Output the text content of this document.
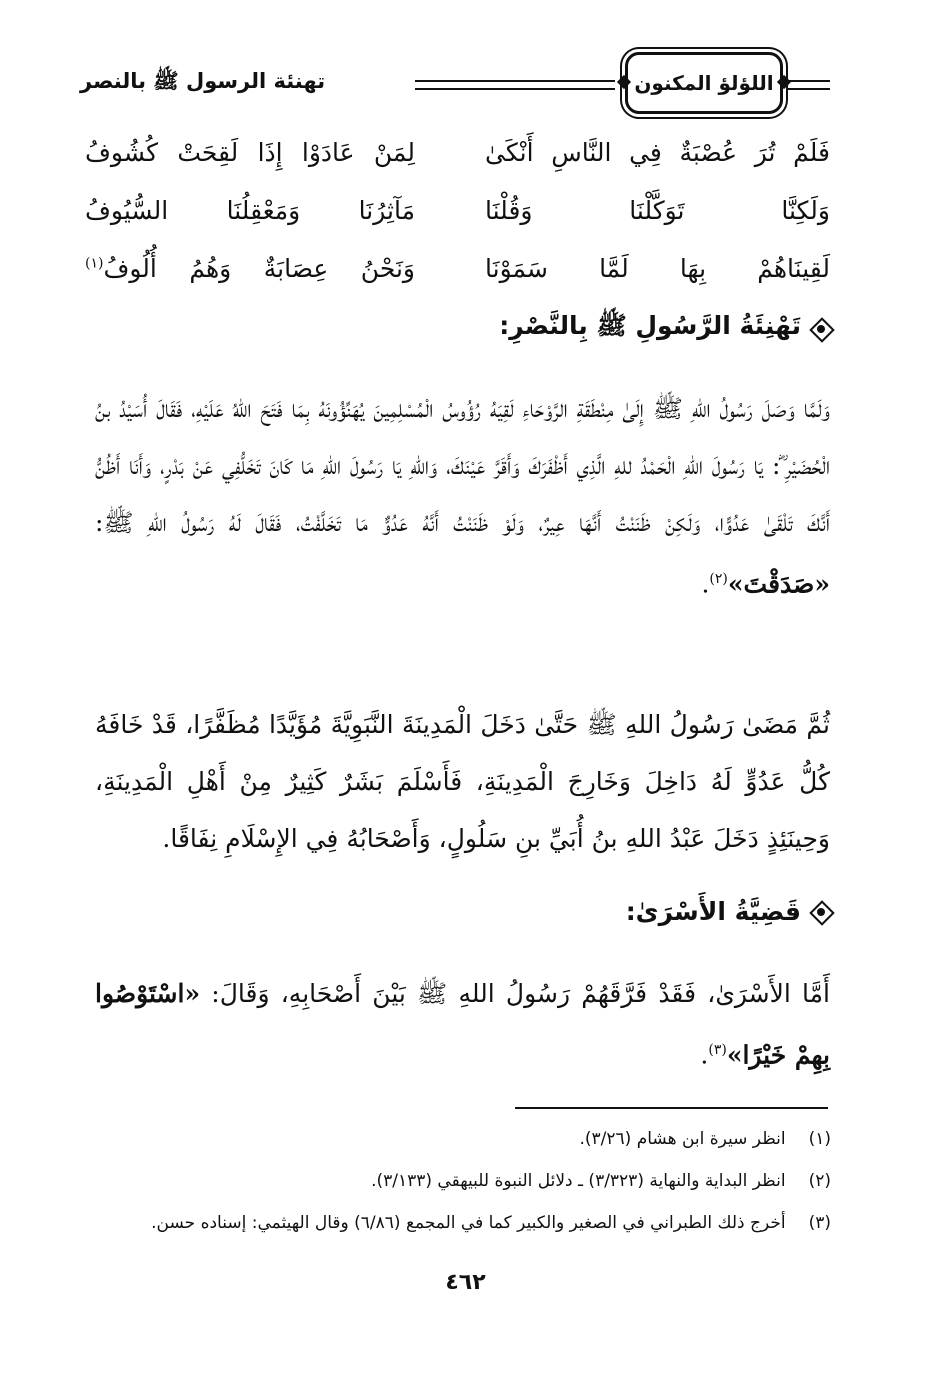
تهنئة الرسول ﷺ بالنصر	اللؤلؤ المكنون
فَلَمْ تُرَ عُصْبَةٌ فِي النَّاسِ أَنْكَىٰ
لِمَنْ عَادَوْا إِذَا لَقِحَتْ كُشُوفُ
وَلَكِنَّا تَوَكَّلْنَا وَقُلْنَا
مَآثِرُنَا وَمَعْقِلُنَا السُّيُوفُ
لَقِينَاهُمْ بِهَا لَمَّا سَمَوْنَا
وَنَحْنُ عِصَابَةٌ وَهُمُ أُلُوفُ$^{(١)}$
تَهْنِئَةُ الرَّسُولِ ﷺ بِالنَّصْرِ:
وَلَمَّا وَصَلَ رَسُولُ اللهِ ﷺ إِلَىٰ مِنْطَقَةِ الرَّوْحَاءِ لَقِيَهُ رُؤُوسُ الْمُسْلِمِينَ يُهَنِّؤُونَهُ بِمَا فَتَحَ اللهُ عَلَيْهِ، فَقَالَ أُسَيْدُ بنُ الْحُضَيْرِ ؓ: يَا رَسُولَ اللهِ الْحَمْدُ للهِ الَّذِي أَظْفَرَكَ وَأَقَرَّ عَيْنَكَ، وَاللهِ يَا رَسُولَ اللهِ مَا كَانَ تَخَلُّفِي عَنْ بَدْرٍ، وَأَنَا أَظُنُّ أَنَّكَ تَلْقَىٰ عَدُوًّا، وَلَكِنْ ظَنَنْتُ أَنَّهَا عِيرٌ، وَلَوْ ظَنَنْتُ أَنَّهُ عَدُوٌّ مَا تَخَلَّفْتُ، فَقَالَ لَهُ رَسُولُ اللهِ ﷺ: «صَدَقْتَ»$^{(٢)}$.
ثُمَّ مَضَىٰ رَسُولُ اللهِ ﷺ حَتَّىٰ دَخَلَ الْمَدِينَةَ النَّبَوِيَّةَ مُؤَيَّدًا مُظَفَّرًا، قَدْ خَافَهُ كُلُّ عَدُوٍّ لَهُ دَاخِلَ وَخَارِجَ الْمَدِينَةِ، فَأَسْلَمَ بَشَرٌ كَثِيرٌ مِنْ أَهْلِ الْمَدِينَةِ، وَحِينَئِذٍ دَخَلَ عَبْدُ اللهِ بنُ أُبَيِّ بنِ سَلُولٍ، وَأَصْحَابُهُ فِي الإِسْلَامِ نِفَاقًا.
قَضِيَّةُ الأَسْرَىٰ:
أَمَّا الأَسْرَىٰ، فَقَدْ فَرَّقَهُمْ رَسُولُ اللهِ ﷺ بَيْنَ أَصْحَابِهِ، وَقَالَ: «اسْتَوْصُوا بِهِمْ خَيْرًا»$^{(٣)}$.
(١) انظر سيرة ابن هشام (٣/٢٦).
(٢) انظر البداية والنهاية (٣/٣٢٣) ـ دلائل النبوة للبيهقي (٣/١٣٣).
(٣) أخرج ذلك الطبراني في الصغير والكبير كما في المجمع (٦/٨٦) وقال الهيثمي: إسناده حسن.
٤٦٢
